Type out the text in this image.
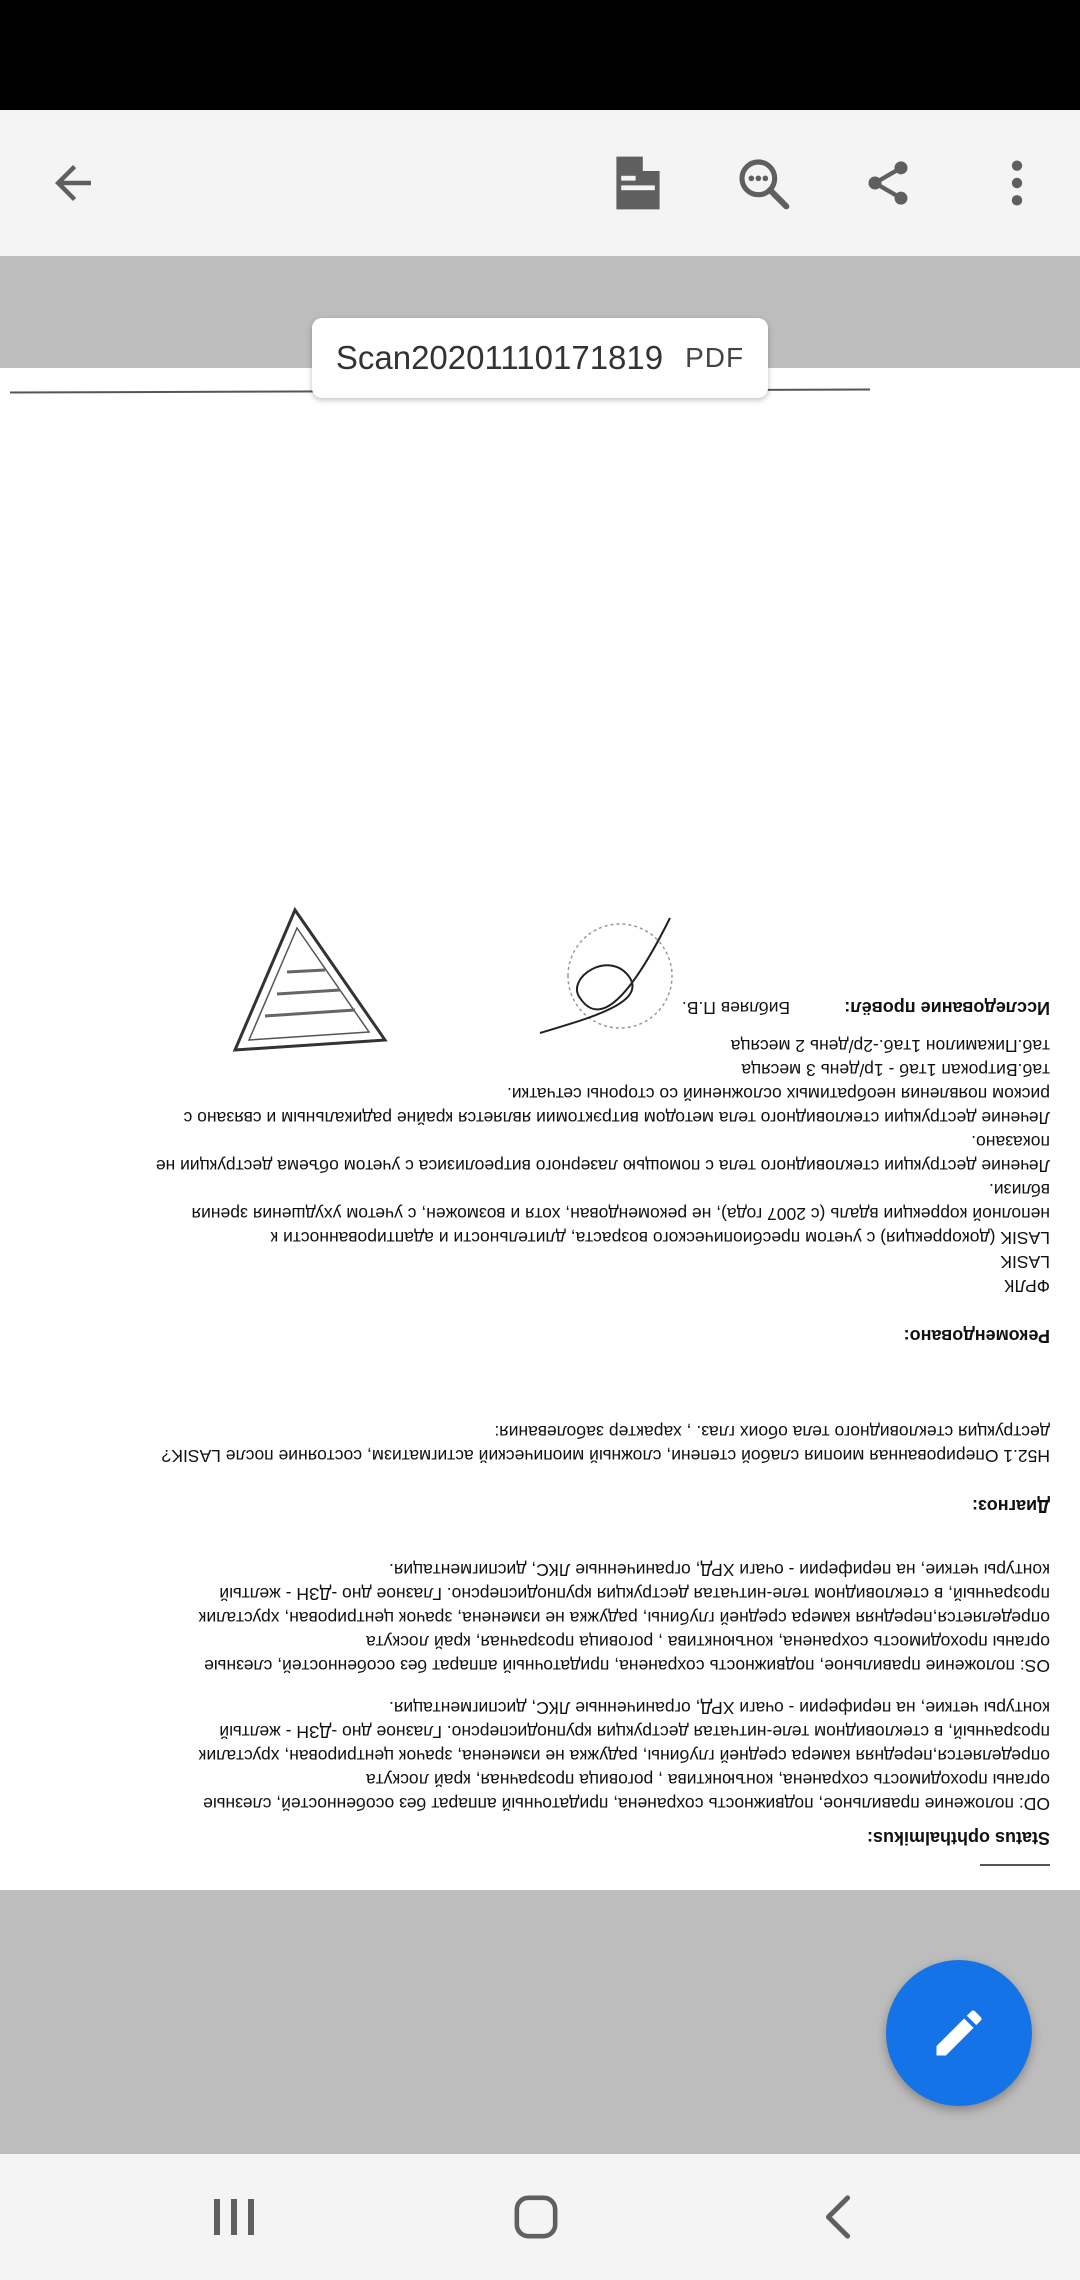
Status ophthalmikus:
OD: положение правильное, подвижность сохранена, придаточный аппарат без особенностей, слезные
органы проходимость сохранена, конъюнктива , роговица прозрачная, край лоскута
определяется,передняя камера средней глубины, радужка не изменена, зрачок центрирован, хрусталик
прозрачный, в стекловидном теле-нитчатая деструкция крупнодисперсно. Глазное дно -ДЗН - желтый
контуры четкие, на периферии - очаги ХРД, ограниченные ЛКС, диспигментация.
OS: положение правильное, подвижность сохранена, придаточный аппарат без особенностей, слезные
органы проходимость сохранена, конъюнктива , роговица прозрачная, край лоскута
определяется,передняя камера средней глубины, радужка не изменена, зрачок центрирован, хрусталик
прозрачный, в стекловидном теле-нитчатая деструкция крупнодисперсно. Глазное дно -ДЗН - желтый
контуры четкие, на периферии - очаги ХРД, ограниченные ЛКС, диспигментация.
Диагноз:
H52.1 Оперированная миопия слабой степени, сложный миопический астигматизм, состояние после LASIK?
деструкция стекловидного тела обоих глаз. , характер заболевания:
Рекомендовано:
ФРЛК
LASIK
LASIK (докоррекция) с учетом пресбиопического возраста, длительности и адаптированности к
неполной коррекции вдаль (с 2007 года), не рекомендован, хотя и возможен, с учетом ухудшения зрения
вблизи.
Лечение деструкции стекловидного тела с помощью лазерного витреолизиса с учетом объема деструкции не
показано.
Лечение деструкции стекловидного тела методом витрэктомии является крайне радикальным и связано с
риском появления необратимых осложнений со стороны сетчатки.
таб.Витрокап 1таб - 1р/день 3 месяца
таб.Пикамилон 1таб.-2р/день 2 месяца
Исследование провёл:
Библяев П.В.
Scan20201110171819 PDF
